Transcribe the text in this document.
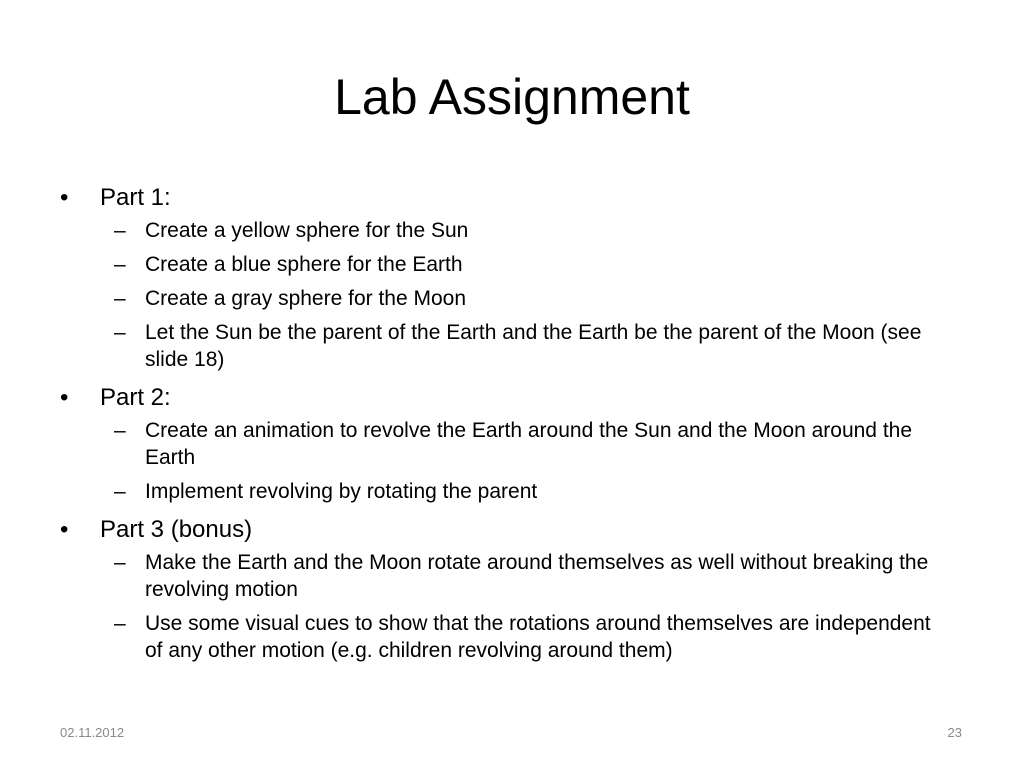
Lab Assignment
•	Part 1:
– Create a yellow sphere for the Sun
– Create a blue sphere for the Earth
– Create a gray sphere for the Moon
– Let the Sun be the parent of the Earth and the Earth be the parent of the Moon (see slide 18)
•	Part 2:
– Create an animation to revolve the Earth around the Sun and the Moon around the Earth
– Implement revolving by rotating the parent
•	Part 3 (bonus)
– Make the Earth and the Moon rotate around themselves as well without breaking the revolving motion
– Use some visual cues to show that the rotations around themselves are independent of any other motion (e.g. children revolving around them)
02.11.2012	23
